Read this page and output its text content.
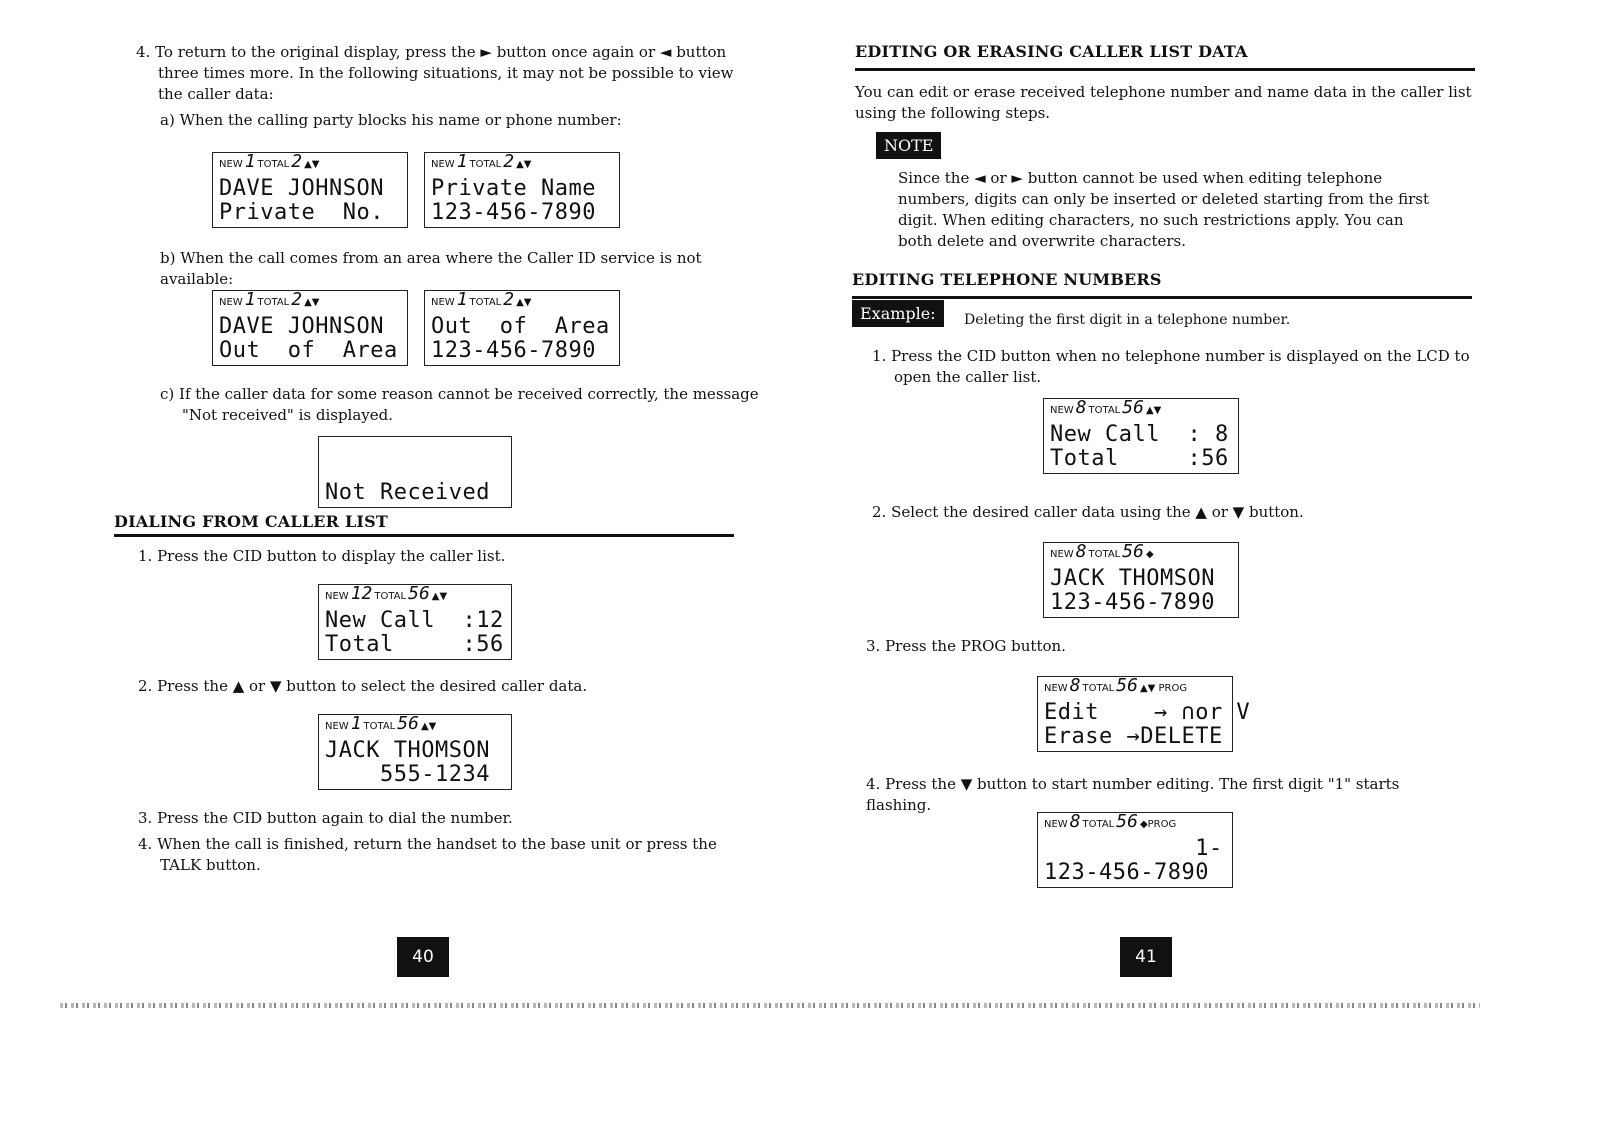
4. To return to the original display, press the ► button once again or ◄ button three times more. In the following situations, it may not be possible to view the caller data:
a) When the calling party blocks his name or phone number:
NEW 1 TOTAL 2 ▲▼
DAVE JOHNSON
Private  No.
NEW 1 TOTAL 2 ▲▼
Private Name
123-456-7890
b) When the call comes from an area where the Caller ID service is not available:
NEW 1 TOTAL 2 ▲▼
DAVE JOHNSON
Out  of  Area
NEW 1 TOTAL 2 ▲▼
Out  of  Area
123-456-7890
c) If the caller data for some reason cannot be received correctly, the message "Not received" is displayed.
Not Received
DIALING FROM CALLER LIST
1. Press the CID button to display the caller list.
NEW 12 TOTAL 56 ▲▼
New Call  :12
Total     :56
2. Press the ▲ or ▼ button to select the desired caller data.
NEW 1 TOTAL 56 ▲▼
JACK THOMSON
555-1234
3. Press the CID button again to dial the number.
4. When the call is finished, return the handset to the base unit or press the TALK button.
40
EDITING OR ERASING CALLER LIST DATA
You can edit or erase received telephone number and name data in the caller list using the following steps.
NOTE
Since the ◄ or ► button cannot be used when editing telephone numbers, digits can only be inserted or deleted starting from the first digit. When editing characters, no such restrictions apply. You can both delete and overwrite characters.
EDITING TELEPHONE NUMBERS
Example:	Deleting the first digit in a telephone number.
1. Press the CID button when no telephone number is displayed on the LCD to open the caller list.
NEW 8 TOTAL 56 ▲▼
New Call  : 8
Total     :56
2. Select the desired caller data using the ▲ or ▼ button.
NEW 8 TOTAL 56 ◆
JACK THOMSON
123-456-7890
3. Press the PROG button.
NEW 8 TOTAL 56 ▲▼ PROG
Edit    → ∩or V
Erase →DELETE
4. Press the ▼ button to start number editing. The first digit "1" starts flashing.
NEW 8 TOTAL 56 ◆PROG
1-
123-456-7890
41
